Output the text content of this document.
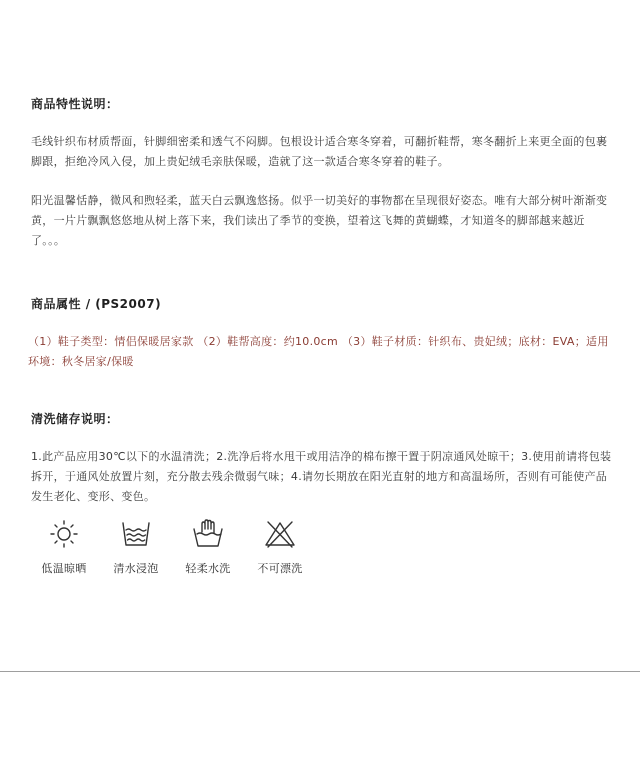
商品特性说明：

毛线针织布材质帮面，针脚细密柔和透气不闷脚。包根设计适合寒冬穿着，可翻折鞋帮，寒冬翻折上来更全面的包裹脚跟，拒绝冷风入侵，加上贵妃绒毛亲肤保暖，造就了这一款适合寒冬穿着的鞋子。

阳光温馨恬静，微风和煦轻柔，蓝天白云飘逸悠扬。似乎一切美好的事物都在呈现很好姿态。唯有大部分树叶渐渐变黄，一片片飘飘悠悠地从树上落下来，我们读出了季节的变换，望着这飞舞的黄蝴蝶，才知道冬的脚部越来越近了。。。

商品属性 / (PS2007)

（1）鞋子类型：情侣保暖居家款 （2）鞋帮高度：约10.0cm （3）鞋子材质：针织布、贵妃绒；底材：EVA；适用环境：秋冬居家/保暖

清洗储存说明：

1.此产品应用30℃以下的水温清洗；2.洗净后将水甩干或用洁净的棉布擦干置于阴凉通风处晾干；3.使用前请将包装拆开，于通风处放置片刻，充分散去残余微弱气味；4.请勿长期放在阳光直射的地方和高温场所，否则有可能使产品发生老化、变形、变色。

低温晾晒 清水浸泡 轻柔水洗 不可漂洗
